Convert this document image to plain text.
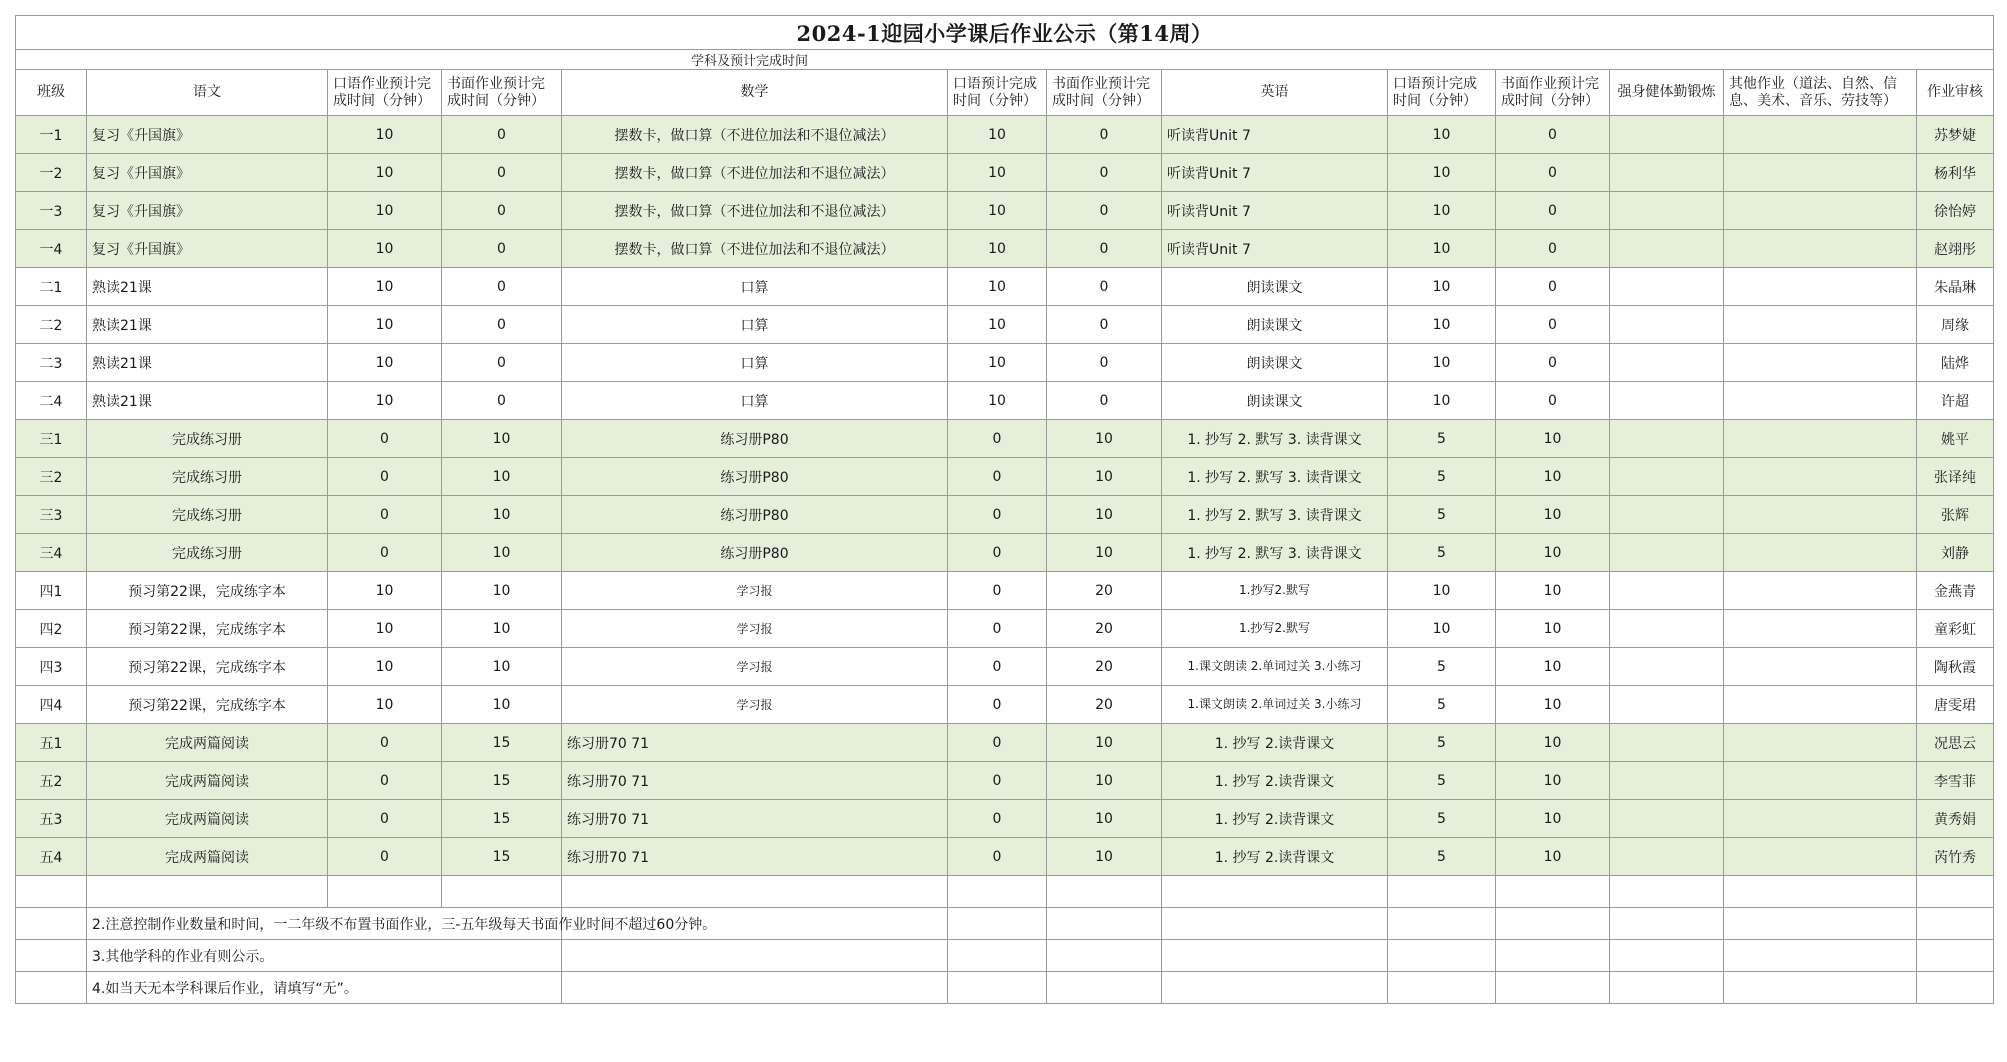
2024-1迎园小学课后作业公示（第14周）												
学科及预计完成时间												
班级	语文	口语作业预计完成时间（分钟）	书面作业预计完成时间（分钟）	数学	口语预计完成时间（分钟）	书面作业预计完成时间（分钟）	英语	口语预计完成时间（分钟）	书面作业预计完成时间（分钟）	强身健体勤锻炼	其他作业（道法、自然、信息、美术、音乐、劳技等）	作业审核
一1	复习《升国旗》	10	0	摆数卡，做口算（不进位加法和不退位减法）	10	0	听读背Unit 7	10	0			苏梦婕
一2	复习《升国旗》	10	0	摆数卡，做口算（不进位加法和不退位减法）	10	0	听读背Unit 7	10	0			杨利华
一3	复习《升国旗》	10	0	摆数卡，做口算（不进位加法和不退位减法）	10	0	听读背Unit 7	10	0			徐怡婷
一4	复习《升国旗》	10	0	摆数卡，做口算（不进位加法和不退位减法）	10	0	听读背Unit 7	10	0			赵翊彤
二1	熟读21课	10	0	口算	10	0	朗读课文	10	0			朱晶琳
二2	熟读21课	10	0	口算	10	0	朗读课文	10	0			周缘
二3	熟读21课	10	0	口算	10	0	朗读课文	10	0			陆烨
二4	熟读21课	10	0	口算	10	0	朗读课文	10	0			许超
三1	完成练习册	0	10	练习册P80	0	10	1. 抄写 2. 默写 3. 读背课文	5	10			姚平
三2	完成练习册	0	10	练习册P80	0	10	1. 抄写 2. 默写 3. 读背课文	5	10			张译纯
三3	完成练习册	0	10	练习册P80	0	10	1. 抄写 2. 默写 3. 读背课文	5	10			张辉
三4	完成练习册	0	10	练习册P80	0	10	1. 抄写 2. 默写 3. 读背课文	5	10			刘静
四1	预习第22课，完成练字本	10	10	学习报	0	20	1.抄写2.默写	10	10			金燕青
四2	预习第22课，完成练字本	10	10	学习报	0	20	1.抄写2.默写	10	10			童彩虹
四3	预习第22课，完成练字本	10	10	学习报	0	20	1.课文朗读 2.单词过关 3.小练习	5	10			陶秋霞
四4	预习第22课，完成练字本	10	10	学习报	0	20	1.课文朗读 2.单词过关 3.小练习	5	10			唐雯珺
五1	完成两篇阅读	0	15	练习册70 71	0	10	1. 抄写 2.读背课文	5	10			况思云
五2	完成两篇阅读	0	15	练习册70 71	0	10	1. 抄写 2.读背课文	5	10			李雪菲
五3	完成两篇阅读	0	15	练习册70 71	0	10	1. 抄写 2.读背课文	5	10			黄秀娟
五4	完成两篇阅读	0	15	练习册70 71	0	10	1. 抄写 2.读背课文	5	10			芮竹秀

	2.注意控制作业数量和时间，一二年级不布置书面作业，三-五年级每天书面作业时间不超过60分钟。											
	3.其他学科的作业有则公示。											
	4.如当天无本学科课后作业，请填写“无”。											
